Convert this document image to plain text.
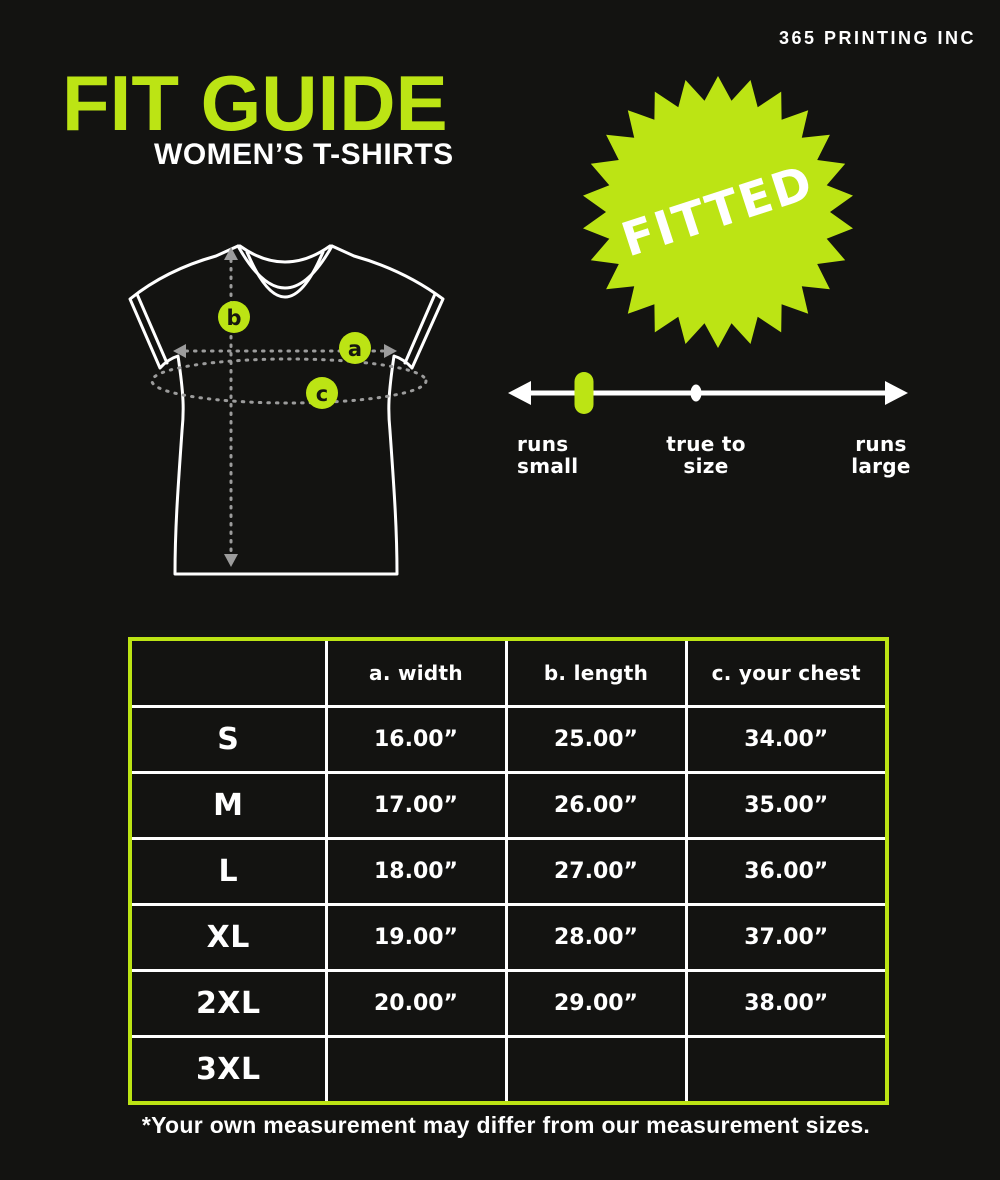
365 PRINTING INC
FIT GUIDE
WOMEN’S T-SHIRTS
b
a
c
FITTED
runs
small
true to
size
runs
large
	a. width	b. length	c. your chest
S	16.00”	25.00”	34.00”
M	17.00”	26.00”	35.00”
L	18.00”	27.00”	36.00”
XL	19.00”	28.00”	37.00”
2XL	20.00”	29.00”	38.00”
3XL			
*Your own measurement may differ from our measurement sizes.
